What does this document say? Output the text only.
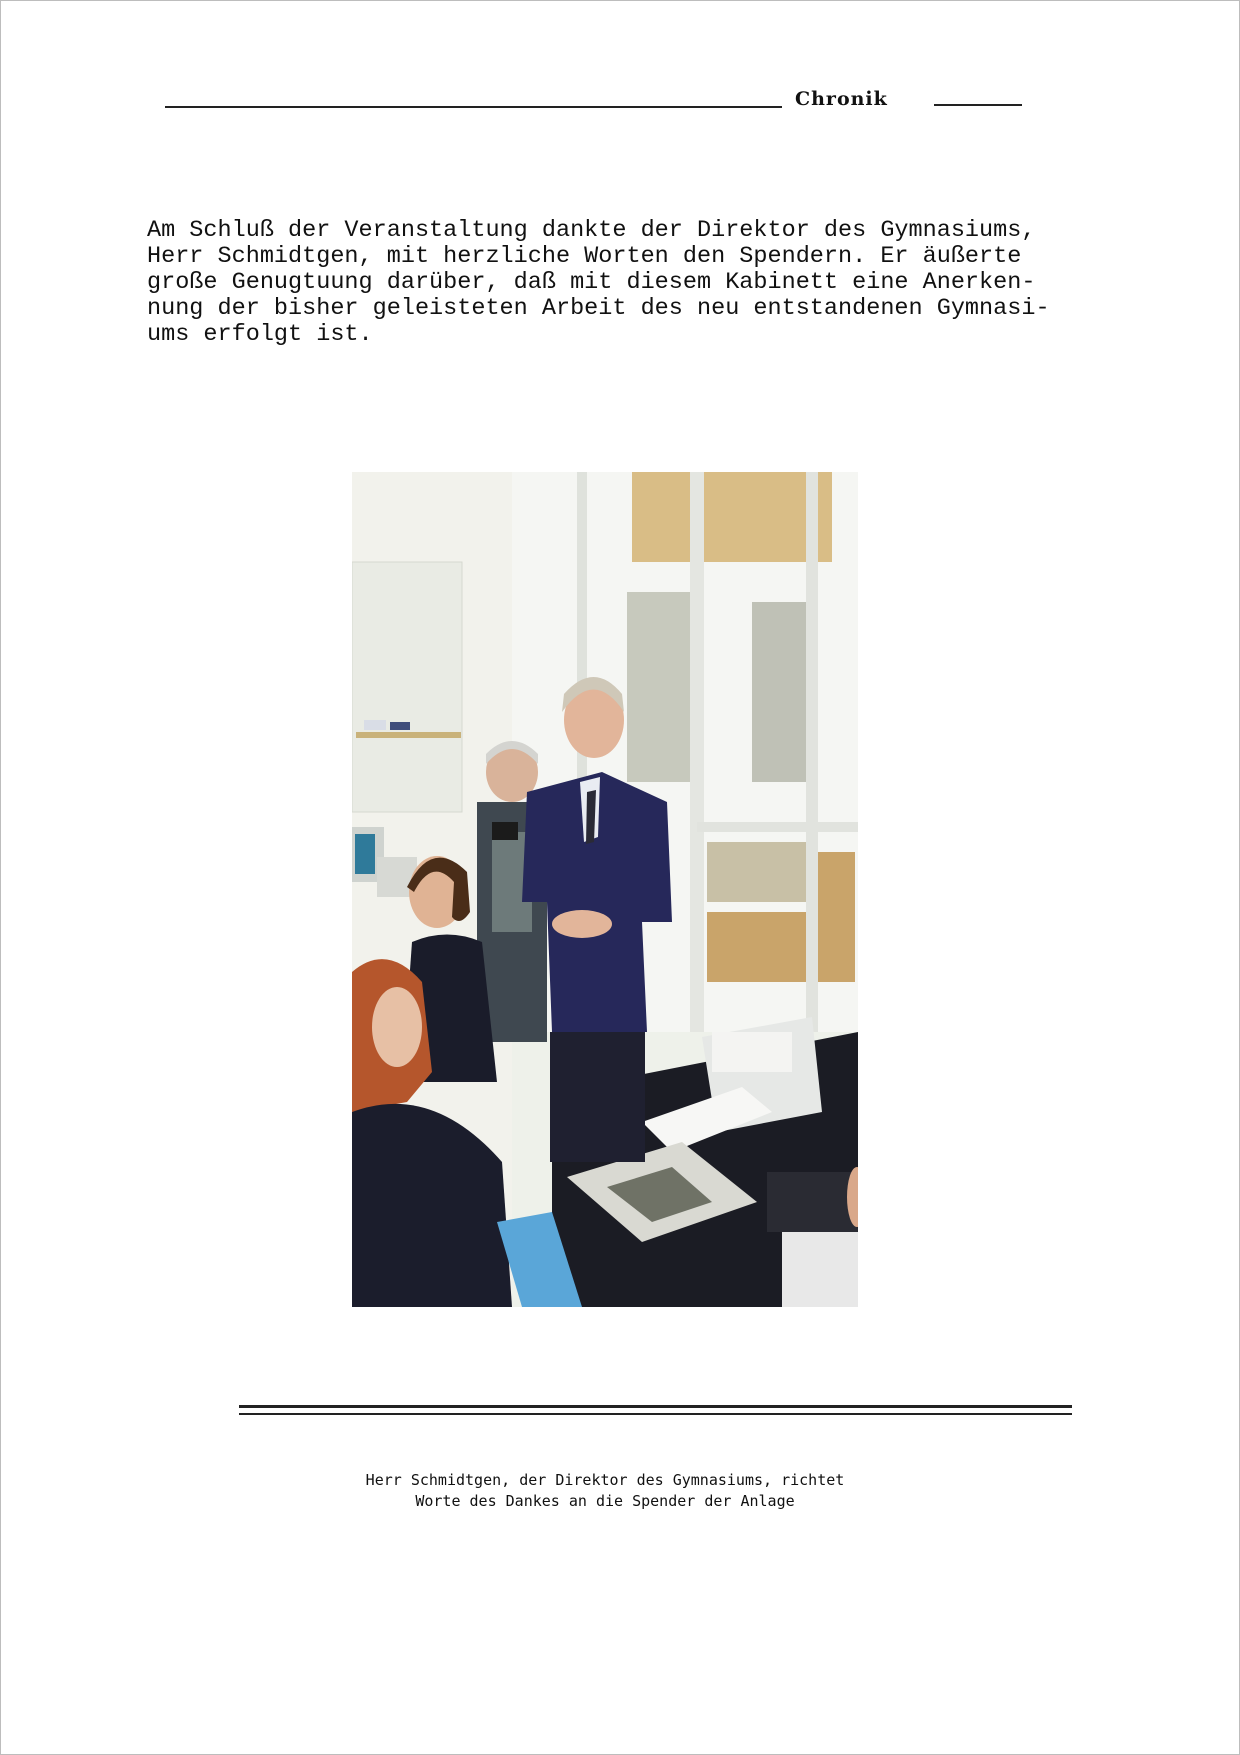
Chronik
Am Schluß der Veranstaltung dankte der Direktor des Gymnasiums,
Herr Schmidtgen, mit herzliche Worten den Spendern. Er äußerte
große Genugtuung darüber, daß mit diesem Kabinett eine Anerken-
nung der bisher geleisteten Arbeit des neu entstandenen Gymnasi-
ums erfolgt ist.
Herr Schmidtgen, der Direktor des Gymnasiums, richtet
Worte des Dankes an die Spender der Anlage
